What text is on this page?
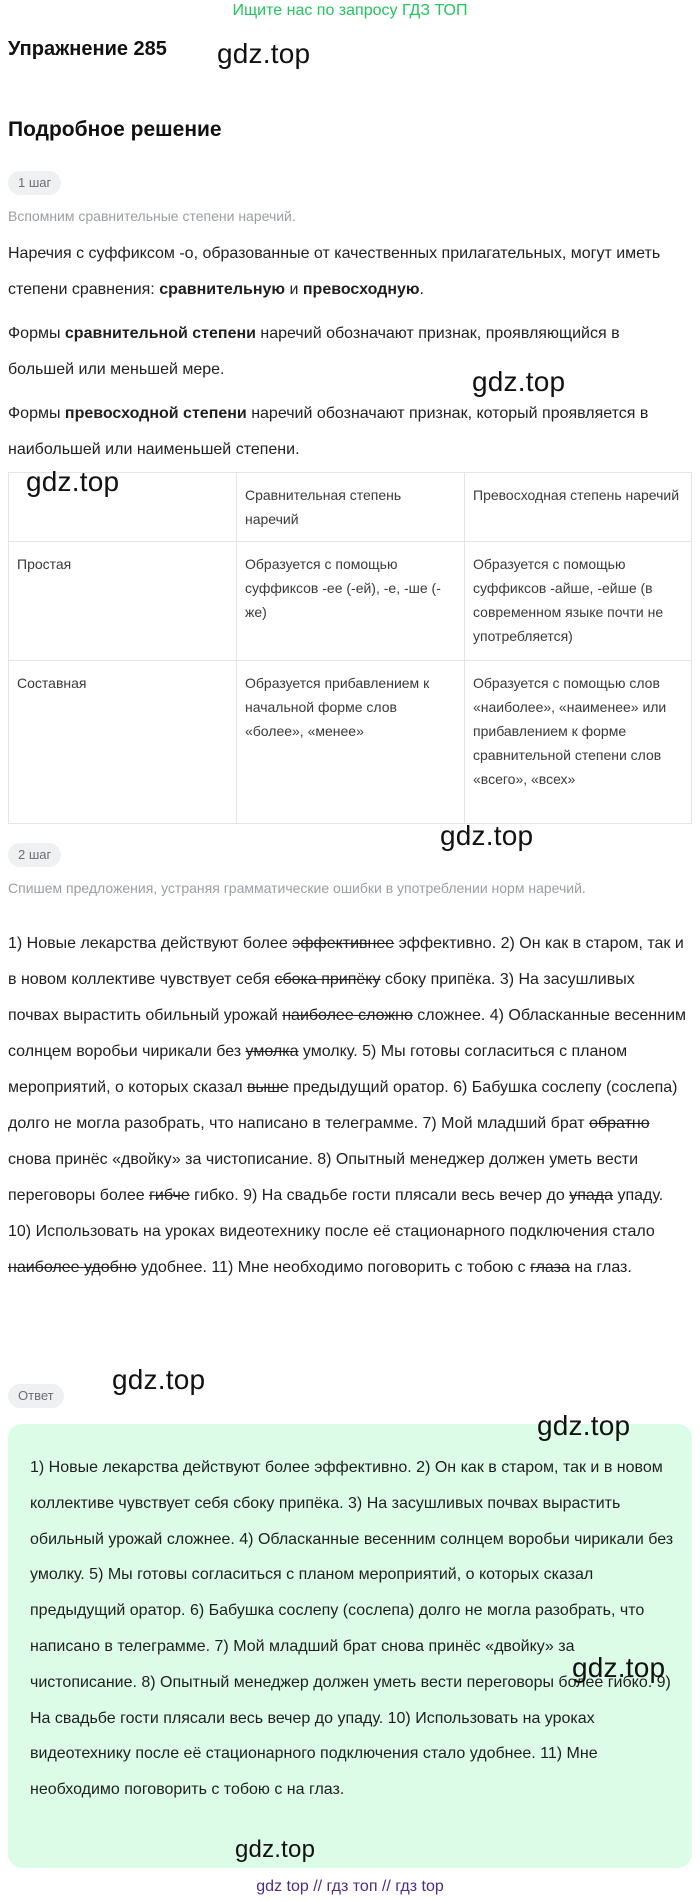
Ищите нас по запросу ГДЗ ТОП
Упражнение 285 gdz.top
Подробное решение
1 шаг
Вспомним сравнительные степени наречий.
Наречия с суффиксом -о, образованные от качественных прилагательных, могут иметь степени сравнения: сравнительную и превосходную.
Формы сравнительной степени наречий обозначают признак, проявляющийся в большей или меньшей мере.	gdz.top
Формы превосходной степени наречий обозначают признак, который проявляется в наибольшей или наименьшей степени.
	Сравнительная степень наречий	Превосходная степень наречий
Простая	Образуется с помощью суффиксов -ее (-ей), -е, -ше (-же)	Образуется с помощью суффиксов -айше, -ейше (в современном языке почти не употребляется)
Составная	Образуется прибавлением к начальной форме слов «более», «менее»	Образуется с помощью слов «наиболее», «наименее» или прибавлением к форме сравнительной степени слов «всего», «всех»
gdz.top
gdz.top
2 шаг
Спишем предложения, устраняя грамматические ошибки в употреблении норм наречий.
1) Новые лекарства действуют более эффективнее эффективно. 2) Он как в старом, так и в новом коллективе чувствует себя сбока припёку сбоку припёка. 3) На засушливых почвах вырастить обильный урожай наиболее сложно сложнее. 4) Обласканные весенним солнцем воробьи чирикали без умолка умолку. 5) Мы готовы согласиться с планом мероприятий, о которых сказал выше предыдущий оратор. 6) Бабушка сослепу (сослепа) долго не могла разобрать, что написано в телеграмме. 7) Мой младший брат обратно снова принёс «двойку» за чистописание. 8) Опытный менеджер должен уметь вести переговоры более гибче гибко. 9) На свадьбе гости плясали весь вечер до упада упаду. 10) Использовать на уроках видеотехнику после её стационарного подключения стало наиболее удобно удобнее. 11) Мне необходимо поговорить с тобою с глаза на глаз.
Ответ
gdz.top
1) Новые лекарства действуют более эффективно. 2) Он как в старом, так и в новом коллективе чувствует себя сбоку припёка. 3) На засушливых почвах вырастить обильный урожай сложнее. 4) Обласканные весенним солнцем воробьи чирикали без умолку. 5) Мы готовы согласиться с планом мероприятий, о которых сказал предыдущий оратор. 6) Бабушка сослепу (сослепа) долго не могла разобрать, что написано в телеграмме. 7) Мой младший брат снова принёс «двойку» за чистописание. 8) Опытный менеджер должен уметь вести переговоры более гибко. 9) На свадьбе гости плясали весь вечер до упаду. 10) Использовать на уроках видеотехнику после её стационарного подключения стало удобнее. 11) Мне необходимо поговорить с тобою с на глаз.
gdz.top
gdz.top
gdz.top
gdz top // гдз топ // гдз top
